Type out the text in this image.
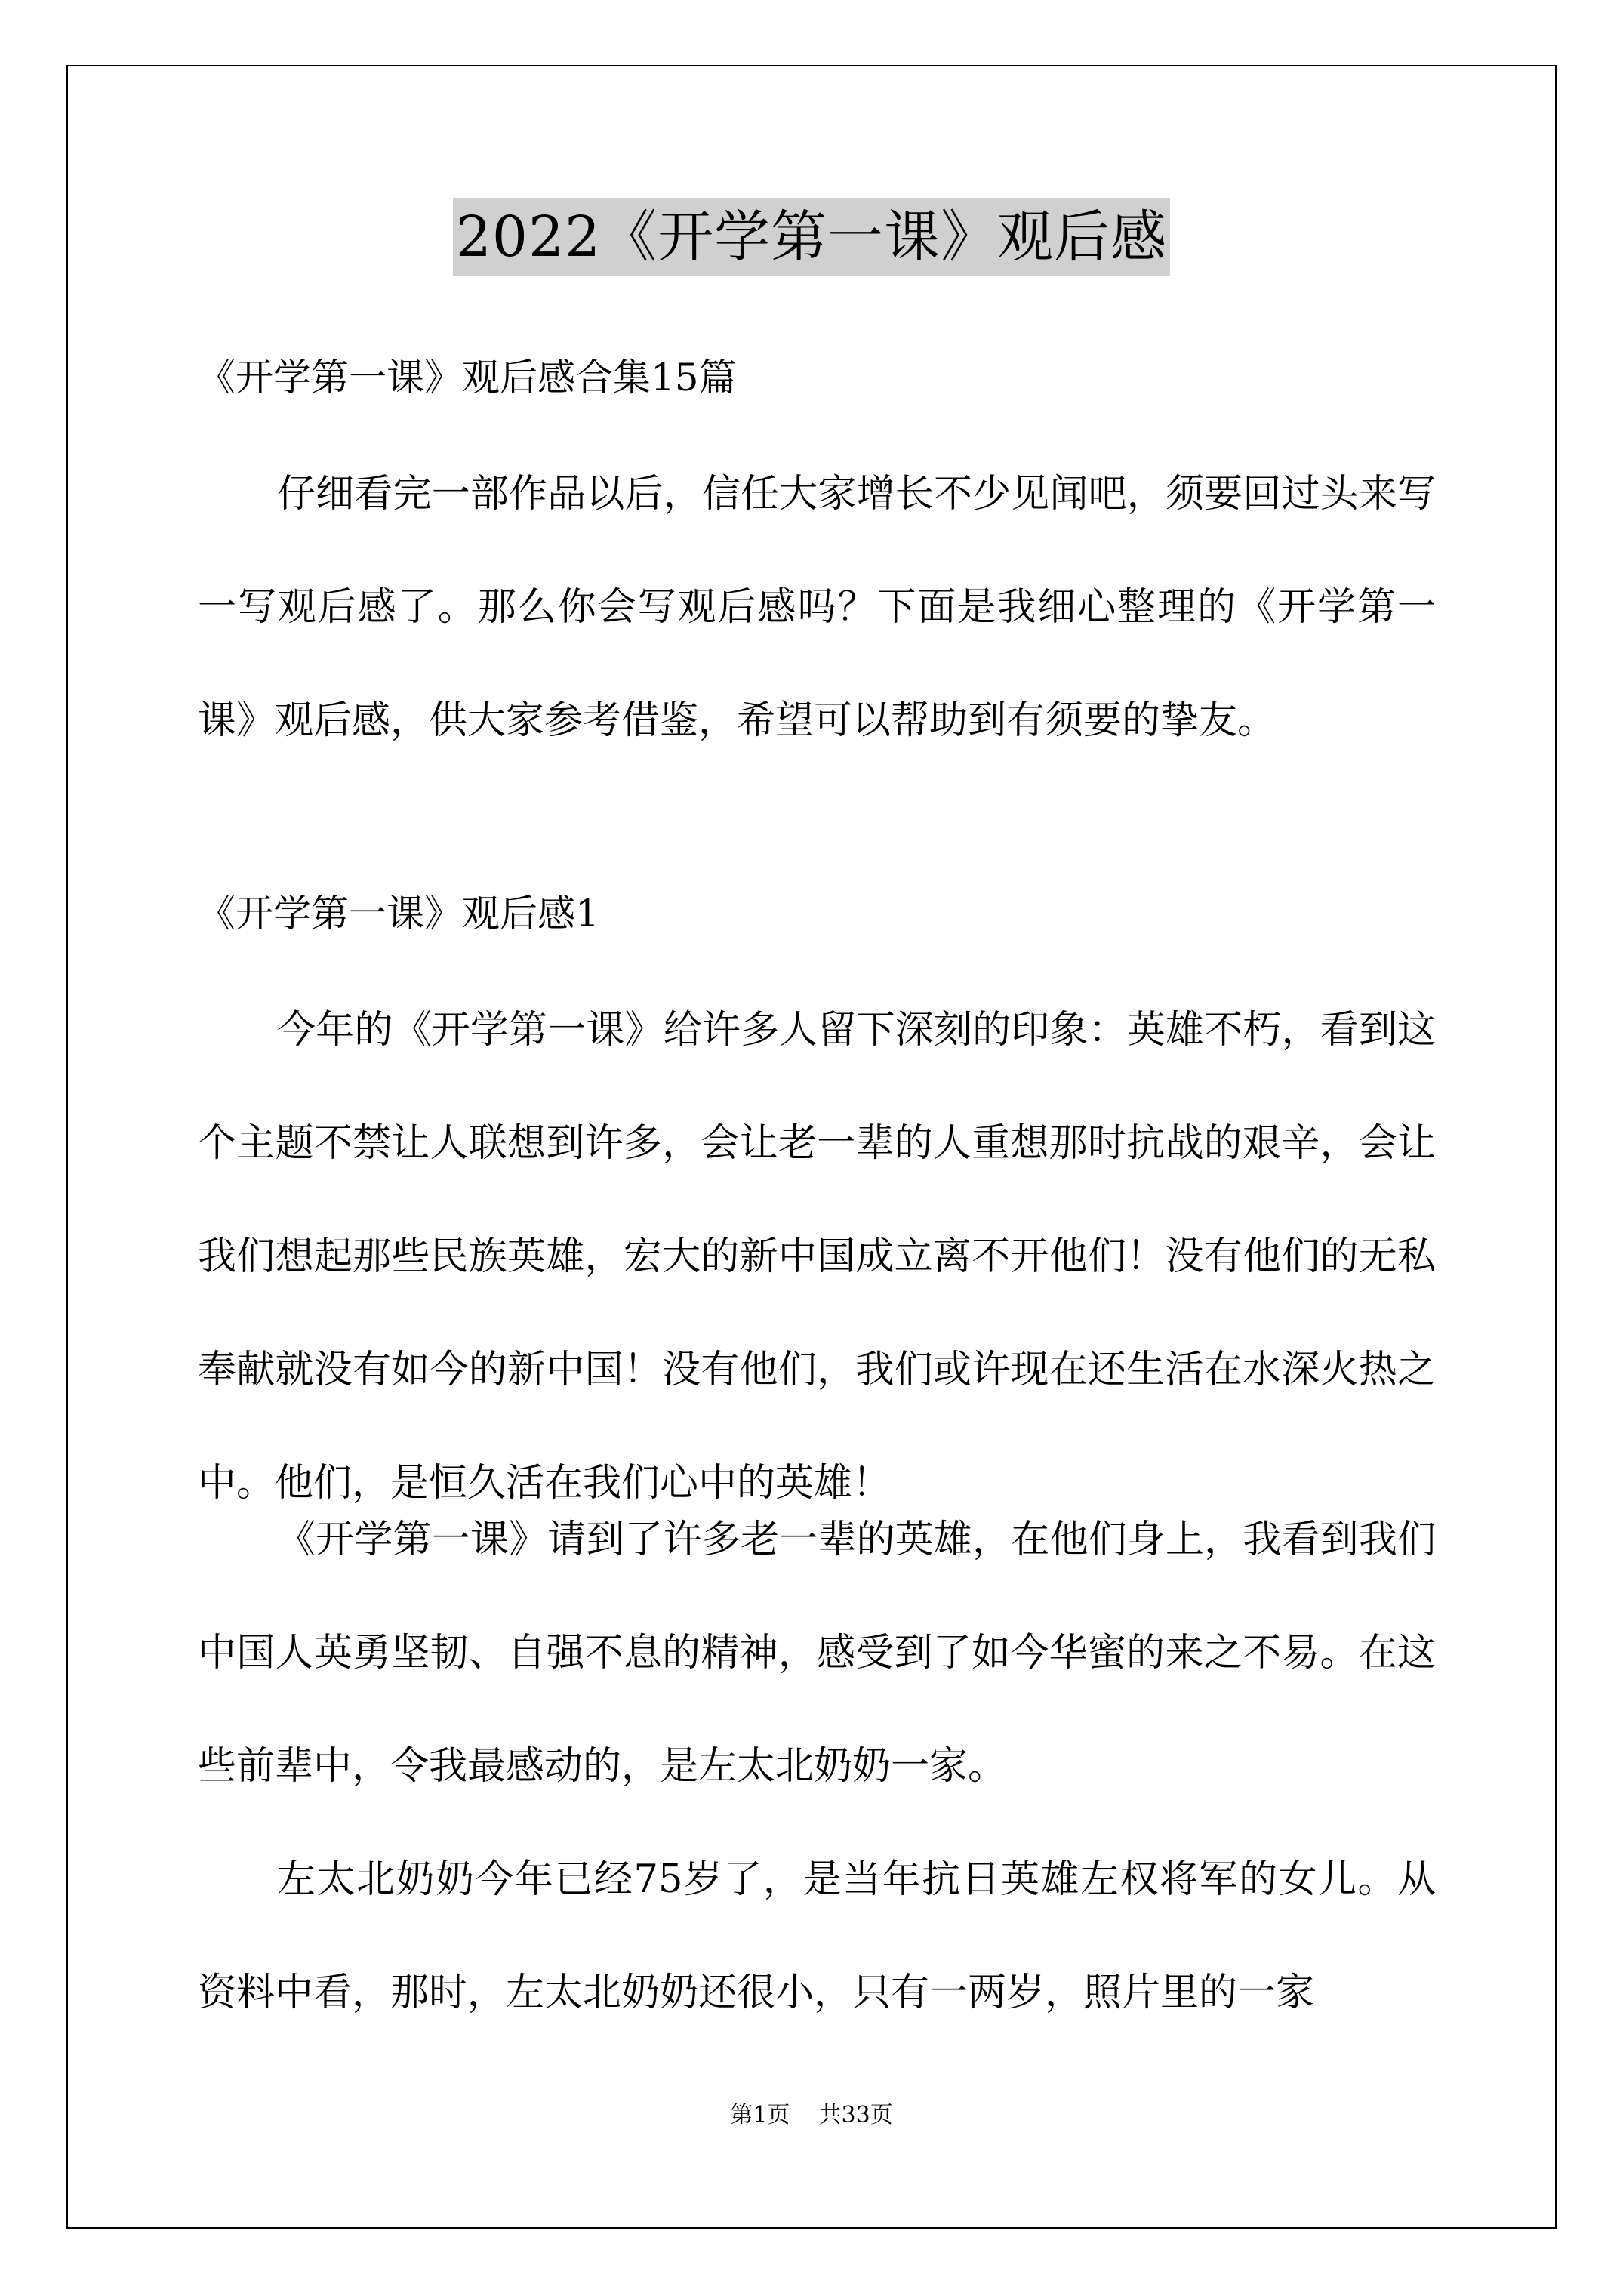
2022《开学第一课》观后感
《开学第一课》观后感合集15篇

仔细看完一部作品以后，信任大家增长不少见闻吧，须要回过头来写一写观后感了。那么你会写观后感吗？下面是我细心整理的《开学第一课》观后感，供大家参考借鉴，希望可以帮助到有须要的挚友。

《开学第一课》观后感1

今年的《开学第一课》给许多人留下深刻的印象：英雄不朽，看到这个主题不禁让人联想到许多，会让老一辈的人重想那时抗战的艰辛，会让我们想起那些民族英雄，宏大的新中国成立离不开他们！没有他们的无私奉献就没有如今的新中国！没有他们，我们或许现在还生活在水深火热之中。他们，是恒久活在我们心中的英雄！

《开学第一课》请到了许多老一辈的英雄，在他们身上，我看到我们中国人英勇坚韧、自强不息的精神，感受到了如今华蜜的来之不易。在这些前辈中，令我最感动的，是左太北奶奶一家。

左太北奶奶今年已经75岁了，是当年抗日英雄左权将军的女儿。从资料中看，那时，左太北奶奶还很小，只有一两岁，照片里的一家

第1页    共33页
